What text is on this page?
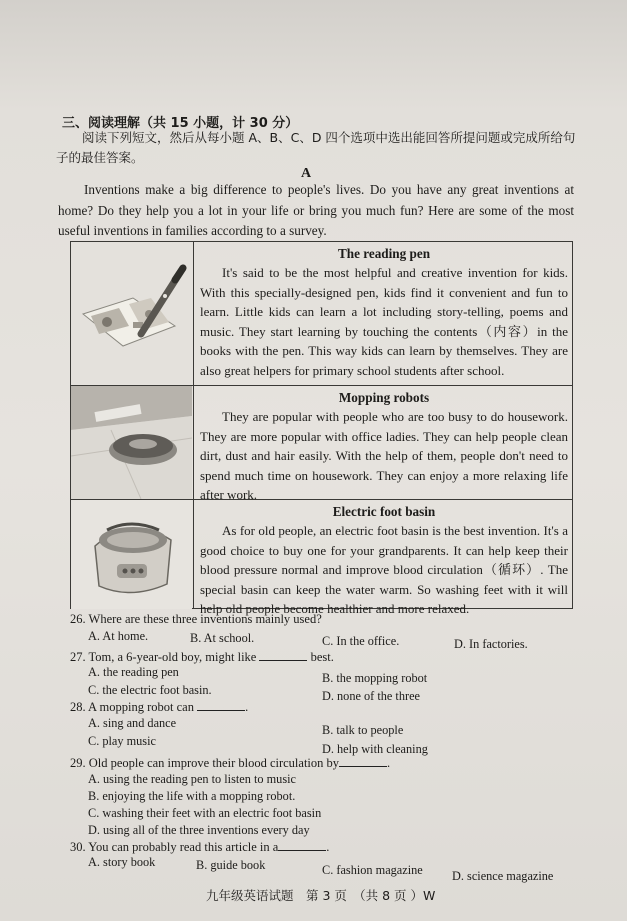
三、阅读理解（共 15 小题，计 30 分）

阅读下列短文，然后从每小题 A、B、C、D 四个选项中选出能回答所提问题或完成所给句子的最佳答案。

A

Inventions make a big difference to people's lives. Do you have any great inventions at home? Do they help you a lot in your life or bring you much fun? Here are some of the most useful inventions in families according to a survey.

The reading pen

It's said to be the most helpful and creative invention for kids. With this specially-designed pen, kids find it convenient and fun to learn. Little kids can learn a lot including story-telling, poems and music. They start learning by touching the contents（内容）in the books with the pen. This way kids can learn by themselves. They are also great helpers for primary school students after school.

Mopping robots

They are popular with people who are too busy to do housework. They are more popular with office ladies. They can help people clean dirt, dust and hair easily. With the help of them, people don't need to spend much time on housework. They can enjoy a more relaxing life after work.

Electric foot basin

As for old people, an electric foot basin is the best invention. It's a good choice to buy one for your grandparents. It can help keep their blood pressure normal and improve blood circulation（循环）. The special basin can keep the water warm. So washing feet with it will help old people become healthier and more relaxed.

26. Where are these three inventions mainly used?
A. At home.	B. At school.	C. In the office.	D. In factories.
27. Tom, a 6-year-old boy, might like	best.
A. the reading pen	B. the mopping robot
C. the electric foot basin.	D. none of the three
28. A mopping robot can	.
A. sing and dance	B. talk to people
C. play music
D. help with cleaning
29. Old people can improve their blood circulation by	.
A. using the reading pen to listen to music
B. enjoying the life with a mopping robot.
C. washing their feet with an electric foot basin
D. using all of the three inventions every day
30. You can probably read this article in a	.
A. story book	B. guide book	C. fashion magazine D. science magazine

九年级英语试题　第 3 页　（共 8 页 ）W
